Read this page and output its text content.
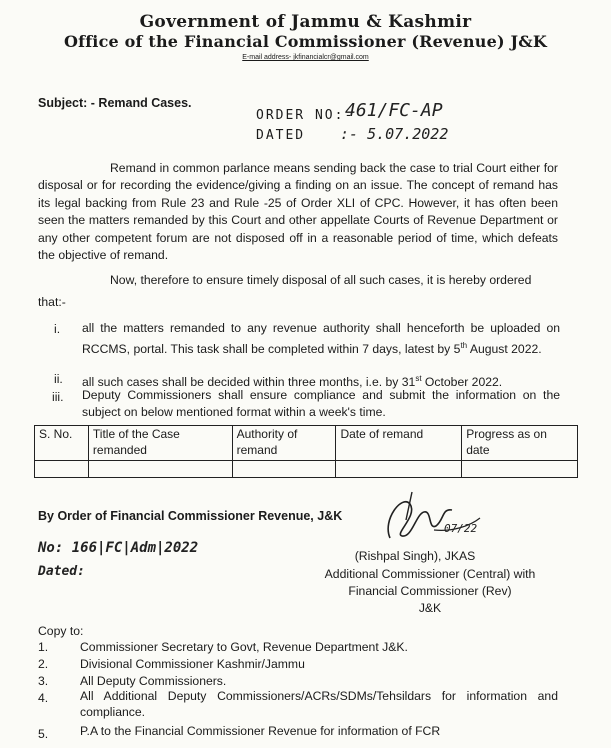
Government of Jammu & Kashmir
Office of the Financial Commissioner (Revenue) J&K
E-mail address- jkfinancialcr@gmail.com
Subject: - Remand Cases.
ORDER NO:-
461/FC-AP
DATED :- 5.07.2022
Remand in common parlance means sending back the case to trial Court either for disposal or for recording the evidence/giving a finding on an issue. The concept of remand has its legal backing from Rule 23 and Rule -25 of Order XLI of CPC. However, it has often been seen the matters remanded by this Court and other appellate Courts of Revenue Department or any other competent forum are not disposed off in a reasonable period of time, which defeats the objective of remand.
Now, therefore to ensure timely disposal of all such cases, it is hereby ordered
that:-
i. all the matters remanded to any revenue authority shall henceforth be uploaded on RCCMS, portal. This task shall be completed within 7 days, latest by 5th August 2022.
ii. all such cases shall be decided within three months, i.e. by 31st October 2022.
iii. Deputy Commissioners shall ensure compliance and submit the information on the subject on below mentioned format within a week's time.
S. No.	Title of the Case remanded	Authority of remand	Date of remand	Progress as on date

By Order of Financial Commissioner Revenue, J&K
07/22
No: 166|FC|Adm|2022
Dated:
(Rishpal Singh), JKAS
Additional Commissioner (Central) with
Financial Commissioner (Rev)
J&K
Copy to:
1.	Commissioner Secretary to Govt, Revenue Department J&K.
2.	Divisional Commissioner Kashmir/Jammu
3.	All Deputy Commissioners.
4.	All Additional Deputy Commissioners/ACRs/SDMs/Tehsildars for information and compliance.
5.	P.A to the Financial Commissioner Revenue for information of FCR
